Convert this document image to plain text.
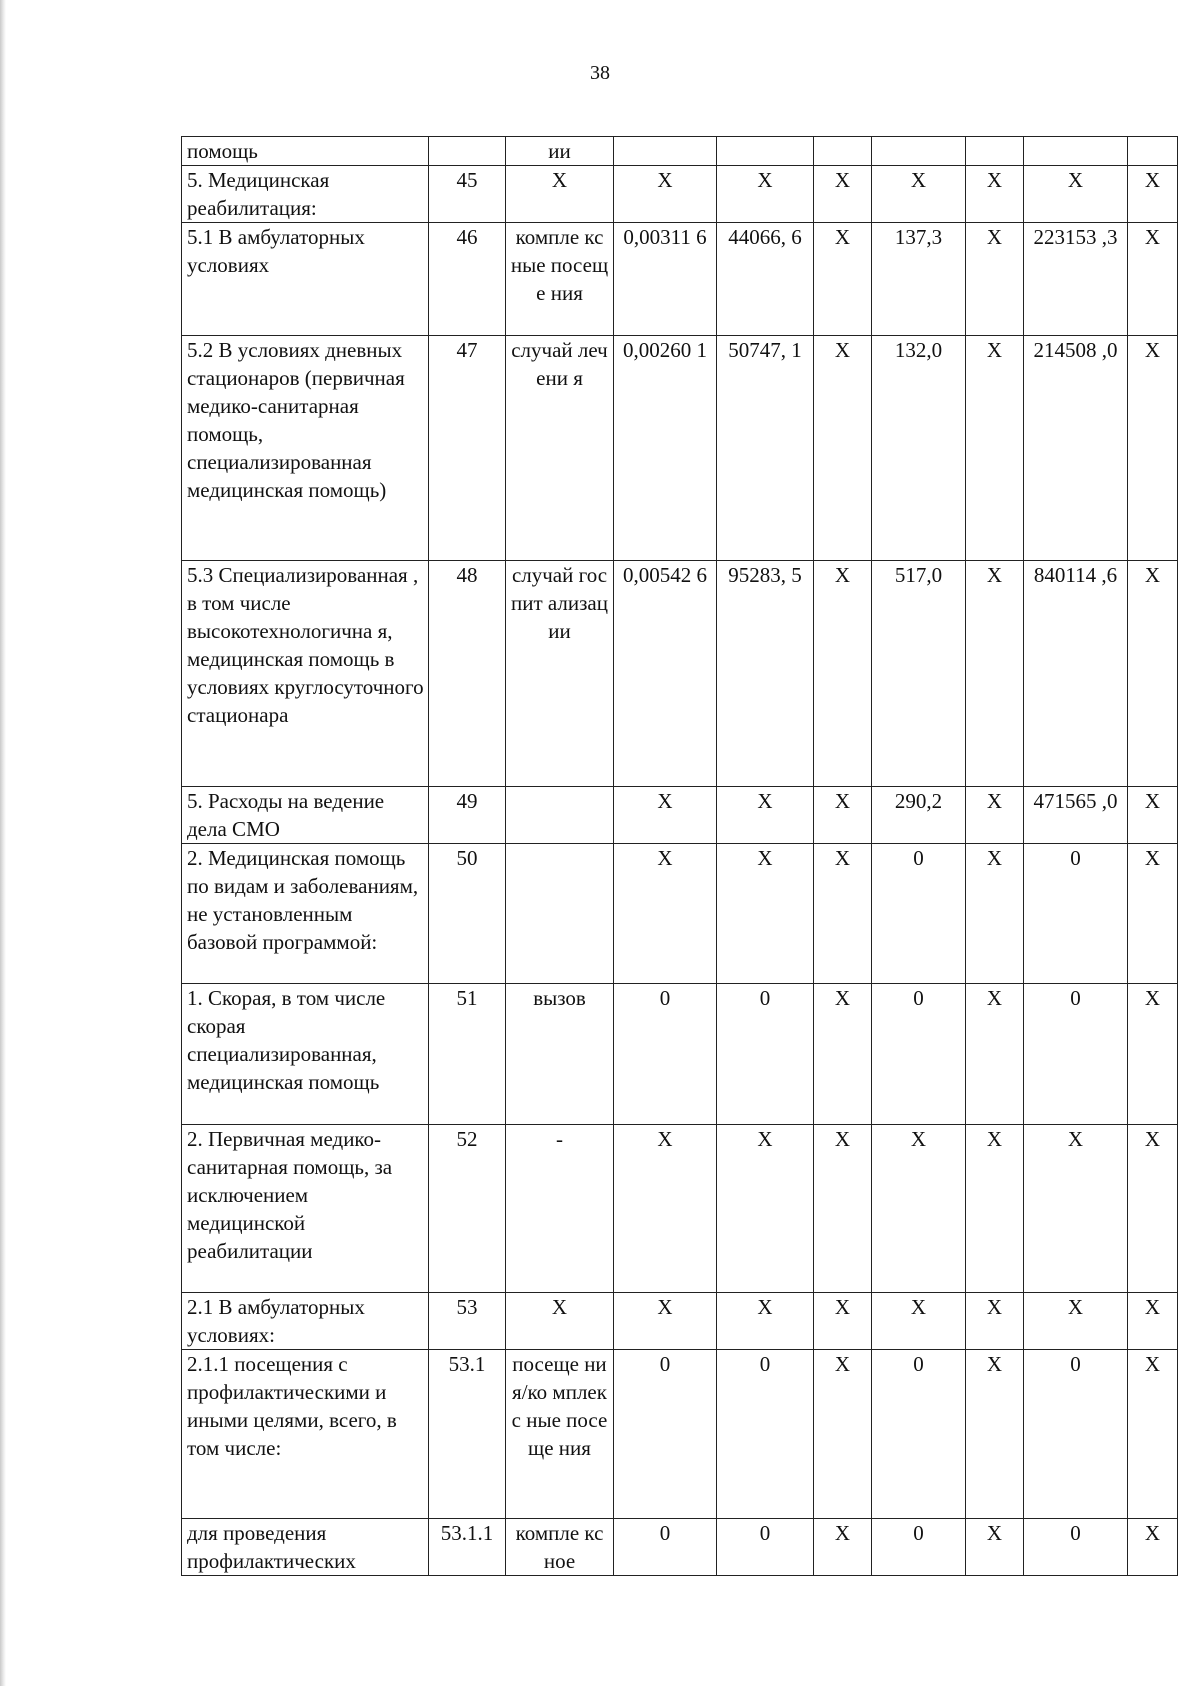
38
помощь		ии							
5. Медицинская реабилитация:	45	Х	Х	Х	Х	Х	Х	Х	Х
5.1 В амбулаторных условиях	46	компле ксные посеще ния	0,00311 6	44066, 6	Х	137,3	Х	223153 ,3	Х
5.2 В условиях дневных стационаров (первичная медико-санитарная помощь, специализированная медицинская помощь)	47	случай лечени я	0,00260 1	50747, 1	Х	132,0	Х	214508 ,0	Х
5.3 Специализированная , в том числе высокотехнологична я, медицинская помощь в условиях круглосуточного стационара	48	случай госпит ализац ии	0,00542 6	95283, 5	Х	517,0	Х	840114 ,6	Х
5. Расходы на ведение дела СМО	49		Х	Х	Х	290,2	Х	471565 ,0	Х
2. Медицинская помощь по видам и заболеваниям, не установленным базовой программой:	50		Х	Х	Х	0	Х	0	Х
1. Скорая, в том числе скорая специализированная, медицинская помощь	51	вызов	0	0	Х	0	Х	0	Х
2. Первичная медико-санитарная помощь, за исключением медицинской реабилитации	52	-	Х	Х	Х	Х	Х	Х	Х
2.1 В амбулаторных условиях:	53	Х	Х	Х	Х	Х	Х	Х	Х
2.1.1 посещения с профилактическими и иными целями, всего, в том числе:	53.1	посеще ния/ко мплекс ные посеще ния	0	0	Х	0	Х	0	Х
для проведения профилактических	53.1.1	компле ксное	0	0	Х	0	Х	0	Х
